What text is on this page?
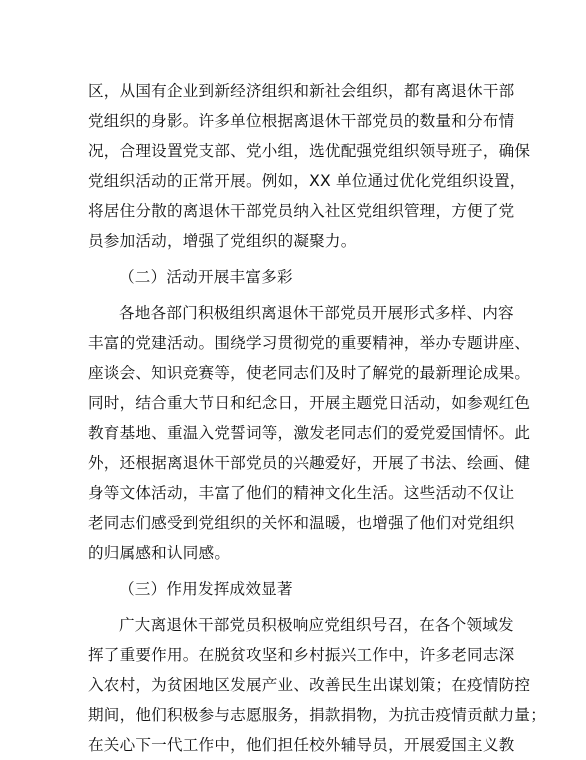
区，从国有企业到新经济组织和新社会组织，都有离退休干部
党组织的身影。许多单位根据离退休干部党员的数量和分布情
况，合理设置党支部、党小组，选优配强党组织领导班子，确保
党组织活动的正常开展。例如，XX 单位通过优化党组织设置，
将居住分散的离退休干部党员纳入社区党组织管理，方便了党
员参加活动，增强了党组织的凝聚力。
（二）活动开展丰富多彩
各地各部门积极组织离退休干部党员开展形式多样、内容
丰富的党建活动。围绕学习贯彻党的重要精神，举办专题讲座、
座谈会、知识竞赛等，使老同志们及时了解党的最新理论成果。
同时，结合重大节日和纪念日，开展主题党日活动，如参观红色
教育基地、重温入党誓词等，激发老同志们的爱党爱国情怀。此
外，还根据离退休干部党员的兴趣爱好，开展了书法、绘画、健
身等文体活动，丰富了他们的精神文化生活。这些活动不仅让
老同志们感受到党组织的关怀和温暖，也增强了他们对党组织
的归属感和认同感。
（三）作用发挥成效显著
广大离退休干部党员积极响应党组织号召，在各个领域发
挥了重要作用。在脱贫攻坚和乡村振兴工作中，许多老同志深
入农村，为贫困地区发展产业、改善民生出谋划策；在疫情防控
期间，他们积极参与志愿服务，捐款捐物，为抗击疫情贡献力量；
在关心下一代工作中，他们担任校外辅导员，开展爱国主义教
